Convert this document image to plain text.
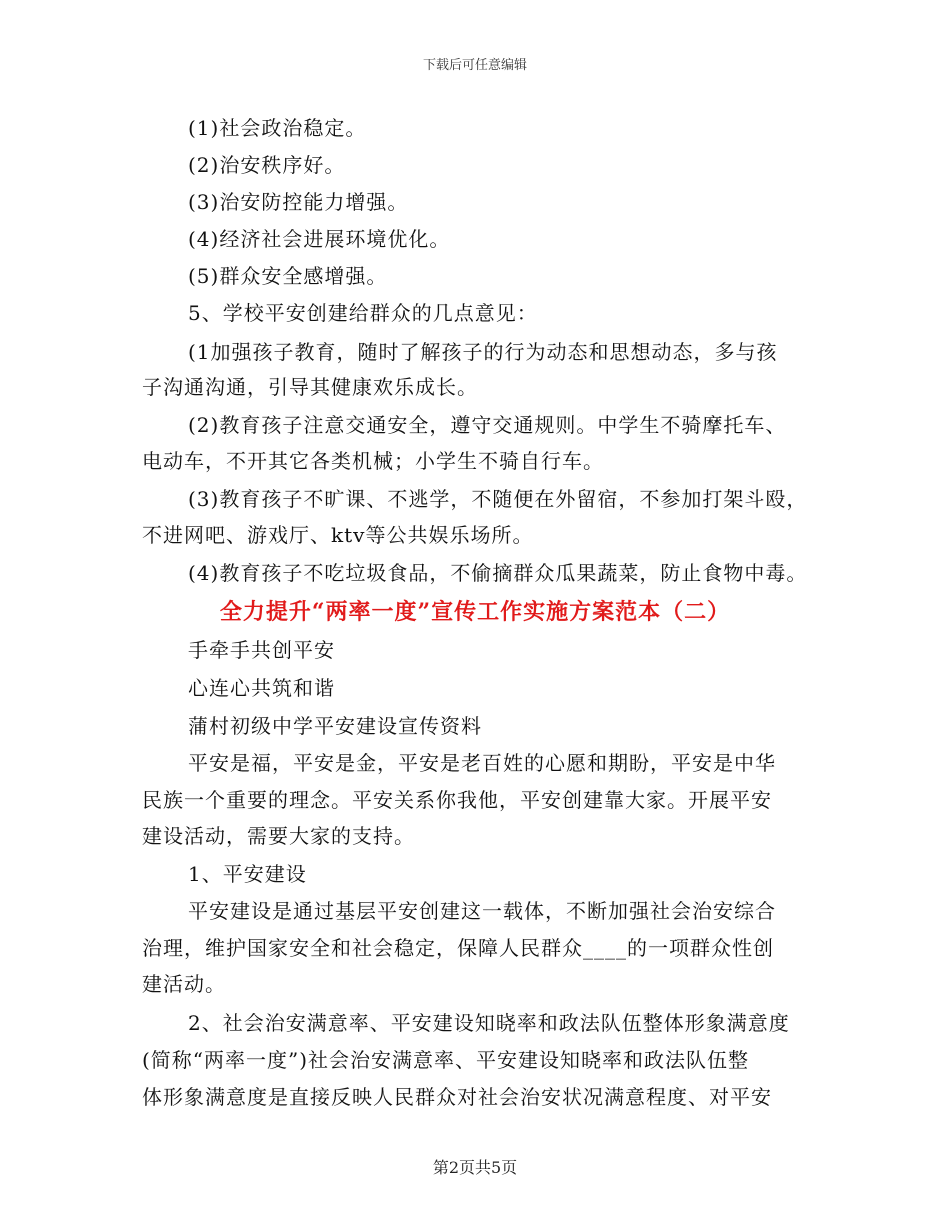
下载后可任意编辑
(1)社会政治稳定。
(2)治安秩序好。
(3)治安防控能力增强。
(4)经济社会进展环境优化。
(5)群众安全感增强。
5、学校平安创建给群众的几点意见：
(1加强孩子教育，随时了解孩子的行为动态和思想动态，多与孩
子沟通沟通，引导其健康欢乐成长。
(2)教育孩子注意交通安全，遵守交通规则。中学生不骑摩托车、
电动车，不开其它各类机械；小学生不骑自行车。
(3)教育孩子不旷课、不逃学，不随便在外留宿，不参加打架斗殴，
不进网吧、游戏厅、ktv等公共娱乐场所。
(4)教育孩子不吃垃圾食品，不偷摘群众瓜果蔬菜，防止食物中毒。
全力提升“两率一度”宣传工作实施方案范本（二）
手牵手共创平安
心连心共筑和谐
蒲村初级中学平安建设宣传资料
平安是福，平安是金，平安是老百姓的心愿和期盼，平安是中华
民族一个重要的理念。平安关系你我他，平安创建靠大家。开展平安
建设活动，需要大家的支持。
1、平安建设
平安建设是通过基层平安创建这一载体，不断加强社会治安综合
治理，维护国家安全和社会稳定，保障人民群众____的一项群众性创
建活动。
2、社会治安满意率、平安建设知晓率和政法队伍整体形象满意度
(简称“两率一度”)社会治安满意率、平安建设知晓率和政法队伍整
体形象满意度是直接反映人民群众对社会治安状况满意程度、对平安
第2页共5页
